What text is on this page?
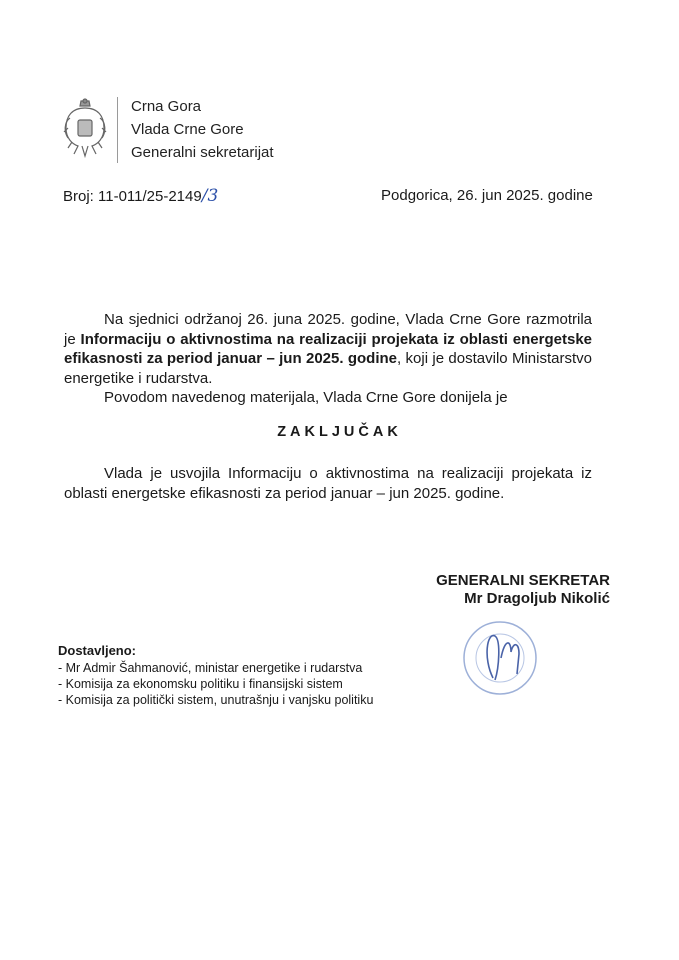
Crna Gora
Vlada Crne Gore
Generalni sekretarijat
Broj: 11-011/25-2149/3	Podgorica, 26. jun 2025. godine
Na sjednici održanoj 26. juna 2025. godine, Vlada Crne Gore razmotrila je Informaciju o aktivnostima na realizaciji projekata iz oblasti energetske efikasnosti za period januar – jun 2025. godine, koji je dostavilo Ministarstvo energetike i rudarstva.
Povodom navedenog materijala, Vlada Crne Gore donijela je
ZAKLJUČAK
Vlada je usvojila Informaciju o aktivnostima na realizaciji projekata iz oblasti energetske efikasnosti za period januar – jun 2025. godine.
GENERALNI SEKRETAR
Mr Dragoljub Nikolić
Dostavljeno:
- Mr Admir Šahmanović, ministar energetike i rudarstva
- Komisija za ekonomsku politiku i finansijski sistem
- Komisija za politički sistem, unutrašnju i vanjsku politiku
